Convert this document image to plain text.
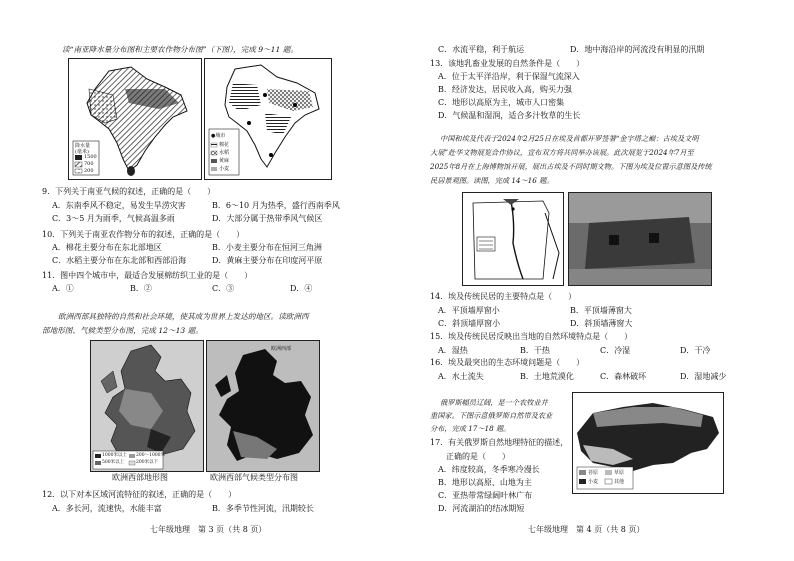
读“南亚降水量分布图和主要农作物分布图”（下图），完成 9～11 题。
降水量
(毫米)
1500
700
200
●城市
棉花
水稻
黄麻
小麦
9．下列关于南亚气候的叙述，正确的是（　　）
A．东南季风不稳定，易发生旱涝灾害	B．6～10 月为热季，盛行西南季风
C．3～5 月为雨季，气候高温多雨	D．大部分属于热带季风气候区
10．下列关于南亚农作物分布的叙述，正确的是（　　）
A．棉花主要分布在东北部地区	B．小麦主要分布在恒河三角洲
C．水稻主要分布在东北部和西部沿海	D．黄麻主要分布在印度河平原
11．图中四个城市中，最适合发展棉纺织工业的是（　　）
A．①	B．②	C．③	D．④
欧洲西部具独特的自然和社会环境，使其成为世界上发达的地区。读欧洲西
部地形图、气候类型分布图，完成 12～13 题。
1000米以上
500米以上
200～1000米
200米以下
欧洲西部地形图
欧洲西部
欧洲西部气候类型分布图
12．以下对本区域河流特征的叙述，正确的是（　　）
A．多长河，流速快，水能丰富	B．多季节性河流，汛期较长
七年级地理　第 3 页（共 8 页）
C．水流平稳，利于航运	D．地中海沿岸的河流没有明显的汛期
13．该地乳畜业发展的自然条件是（　　）
A．位于太平洋沿岸，利于保湿气流深入
B．经济发达，居民收入高，购买力强
C．地形以高原为主，城市人口密集
D．气候温和湿润，适合多汁牧草的生长
中国和埃及代表于2024年2月25日在埃及首都开罗签署“金字塔之巅：古埃及文明
大展”赴华文物展览合作协议，宣布双方将共同举办该展。此次展览于2024年7月至
2025年8月在上海博物馆开展，展出古埃及不同时期文物。下图为埃及位置示意图及传统
民居景观图。读图，完成 14～16 题。
14．埃及传统民居的主要特点是（　　）
A．平顶墙厚窗小	B．平顶墙薄窗大
C．斜顶墙厚窗小	D．斜顶墙薄窗大
15．埃及传统民居反映出当地的自然环境特点是（　　）
A．湿热	B．干热	C．冷湿	D．干冷
16．埃及最突出的生态环境问题是（　　）
A．水土流失	B．土地荒漠化	C．森林破坏	D．湿地减少
俄罗斯幅员辽阔，是一个农牧业并
重国家。下图示意俄罗斯自然带及农业
分布，完成 17～18 题。
苔原	草原
小麦	其他
17．有关俄罗斯自然地理特征的描述，
正确的是（　　）
A．纬度较高，冬季寒冷漫长
B．地形以高原、山地为主
C．亚热带常绿阔叶林广布
D．河流湖泊的结冰期短
七年级地理　第 4 页（共 8 页）
